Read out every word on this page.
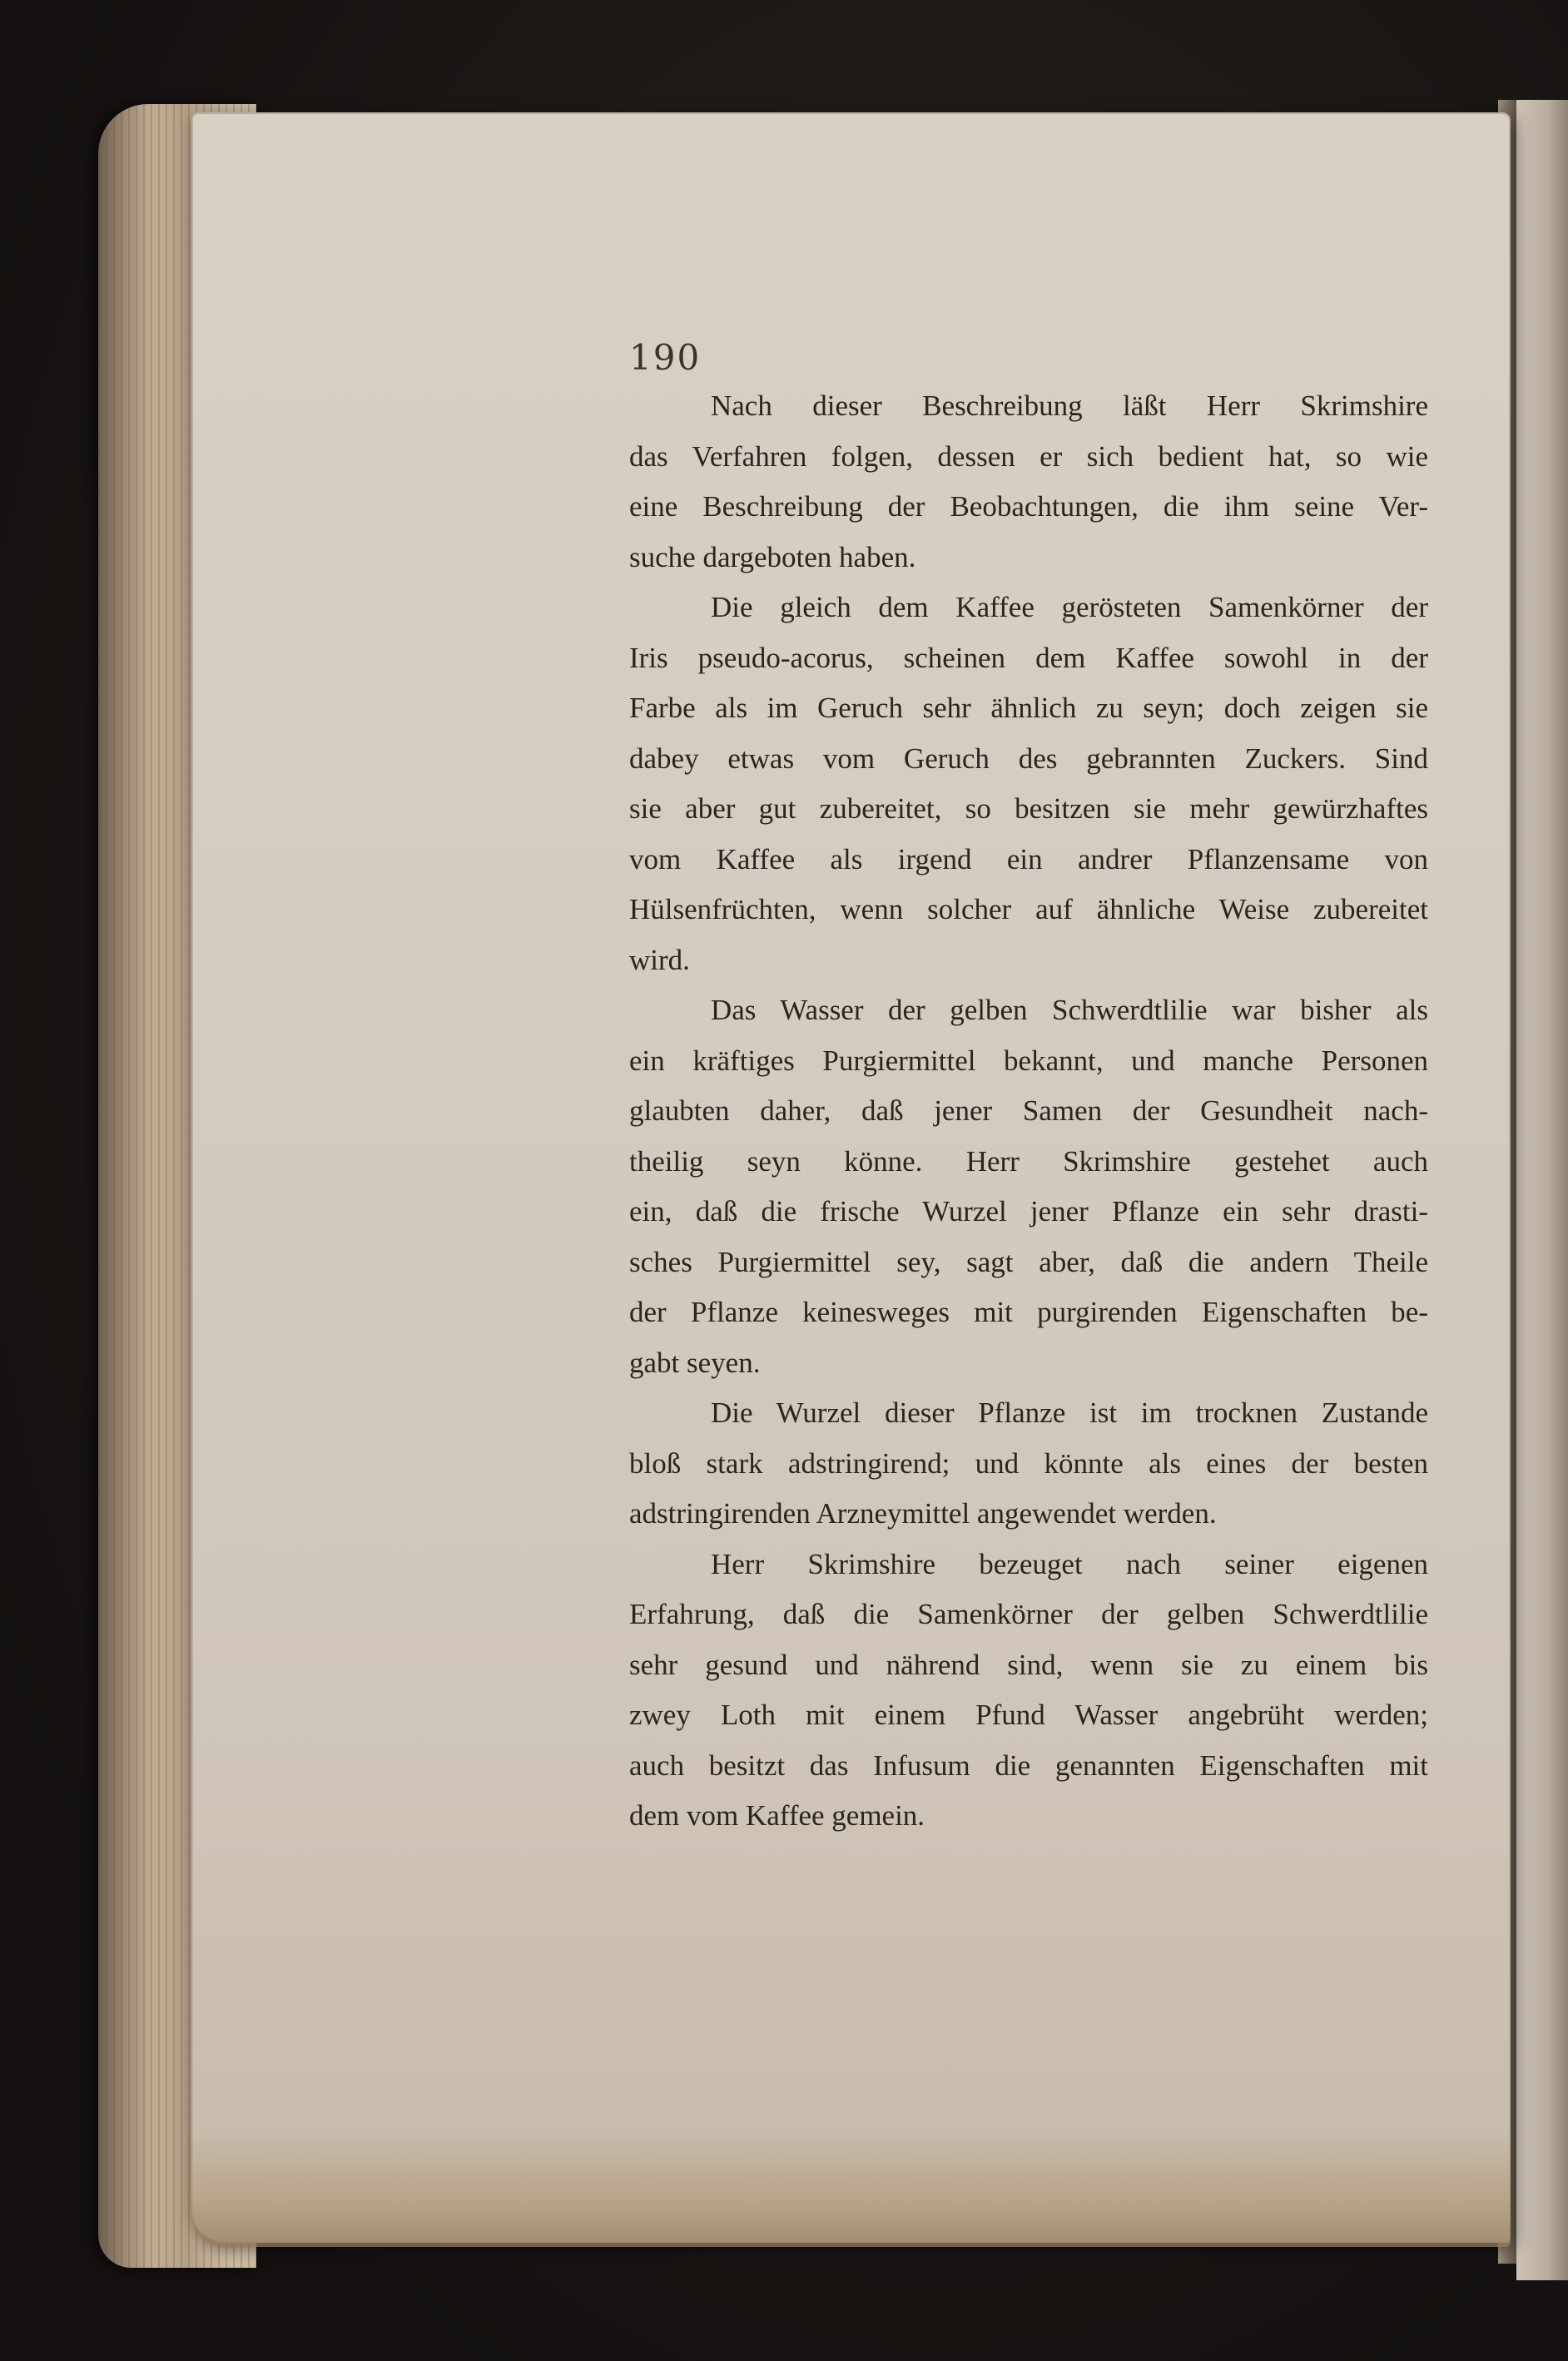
190

Nach dieser Beschreibung läßt Herr Skrimshire
das Verfahren folgen, dessen er sich bedient hat, so wie
eine Beschreibung der Beobachtungen, die ihm seine Ver-
suche dargeboten haben.

Die gleich dem Kaffee gerösteten Samenkörner der
Iris pseudo-acorus, scheinen dem Kaffee sowohl in der
Farbe als im Geruch sehr ähnlich zu seyn; doch zeigen sie
dabey etwas vom Geruch des gebrannten Zuckers. Sind
sie aber gut zubereitet, so besitzen sie mehr gewürzhaftes
vom Kaffee als irgend ein andrer Pflanzensame von
Hülsenfrüchten, wenn solcher auf ähnliche Weise zubereitet
wird.

Das Wasser der gelben Schwerdtlilie war bisher als
ein kräftiges Purgiermittel bekannt, und manche Personen
glaubten daher, daß jener Samen der Gesundheit nach-
theilig seyn könne. Herr Skrimshire gestehet auch
ein, daß die frische Wurzel jener Pflanze ein sehr drasti-
sches Purgiermittel sey, sagt aber, daß die andern Theile
der Pflanze keinesweges mit purgirenden Eigenschaften be-
gabt seyen.

Die Wurzel dieser Pflanze ist im trocknen Zustande
bloß stark adstringirend; und könnte als eines der besten
adstringirenden Arzneymittel angewendet werden.

Herr Skrimshire bezeuget nach seiner eigenen
Erfahrung, daß die Samenkörner der gelben Schwerdtlilie
sehr gesund und nährend sind, wenn sie zu einem bis
zwey Loth mit einem Pfund Wasser angebrüht werden;
auch besitzt das Infusum die genannten Eigenschaften mit
dem vom Kaffee gemein.
